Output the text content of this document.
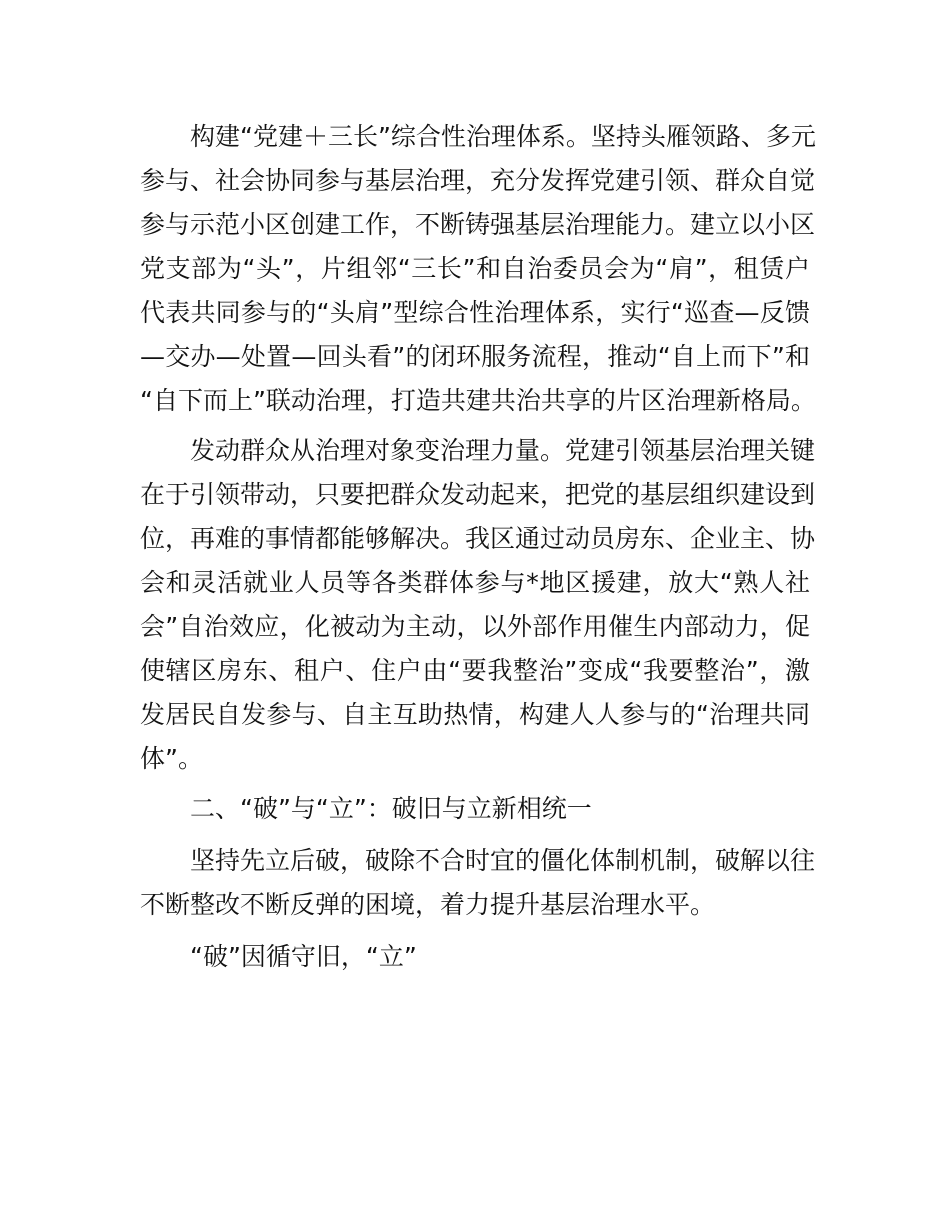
构建“党建＋三长”综合性治理体系。坚持头雁领路、多元

参与、社会协同参与基层治理，充分发挥党建引领、群众自觉

参与示范小区创建工作，不断铸强基层治理能力。建立以小区

党支部为“头”，片组邻“三长”和自治委员会为“肩”，租赁户

代表共同参与的“头肩”型综合性治理体系，实行“巡查—反馈

—交办—处置—回头看”的闭环服务流程，推动“自上而下”和

“自下而上”联动治理，打造共建共治共享的片区治理新格局。

发动群众从治理对象变治理力量。党建引领基层治理关键

在于引领带动，只要把群众发动起来，把党的基层组织建设到

位，再难的事情都能够解决。我区通过动员房东、企业主、协

会和灵活就业人员等各类群体参与*地区援建，放大“熟人社

会”自治效应，化被动为主动，以外部作用催生内部动力，促

使辖区房东、租户、住户由“要我整治”变成“我要整治”，激

发居民自发参与、自主互助热情，构建人人参与的“治理共同

体”。

二、“破”与“立”：破旧与立新相统一

坚持先立后破，破除不合时宜的僵化体制机制，破解以往

不断整改不断反弹的困境，着力提升基层治理水平。

“破”因循守旧，“立”
